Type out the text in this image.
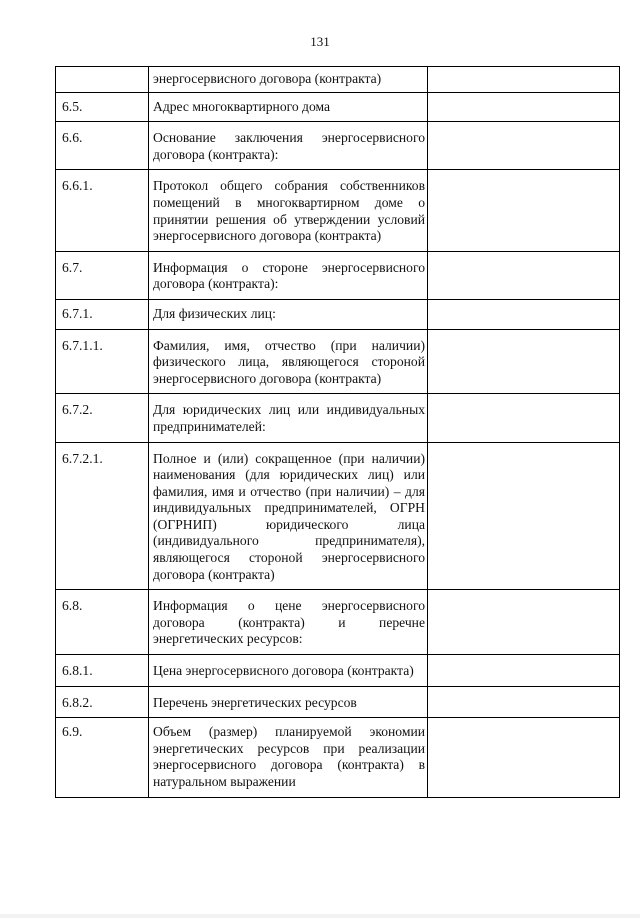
131
	энергосервисного договора (контракта)	
6.5.	Адрес многоквартирного дома	
6.6.	Основание заключения энергосервисного договора (контракта):	
6.6.1.	Протокол общего собрания собственников помещений в многоквартирном доме о принятии решения об утверждении условий энергосервисного договора (контракта)	
6.7.	Информация о стороне энергосервисного договора (контракта):	
6.7.1.	Для физических лиц:	
6.7.1.1.	Фамилия, имя, отчество (при наличии) физического лица, являющегося стороной энергосервисного договора (контракта)	
6.7.2.	Для юридических лиц или индивидуальных предпринимателей:	
6.7.2.1.	Полное и (или) сокращенное (при наличии) наименования (для юридических лиц) или фамилия, имя и отчество (при наличии) – для индивидуальных предпринимателей, ОГРН (ОГРНИП) юридического лица (индивидуального предпринимателя), являющегося стороной энергосервисного договора (контракта)	
6.8.	Информация о цене энергосервисного договора (контракта) и перечне энергетических ресурсов:	
6.8.1.	Цена энергосервисного договора (контракта)	
6.8.2.	Перечень энергетических ресурсов	
6.9.	Объем (размер) планируемой экономии энергетических ресурсов при реализации энергосервисного договора (контракта) в натуральном выражении	
